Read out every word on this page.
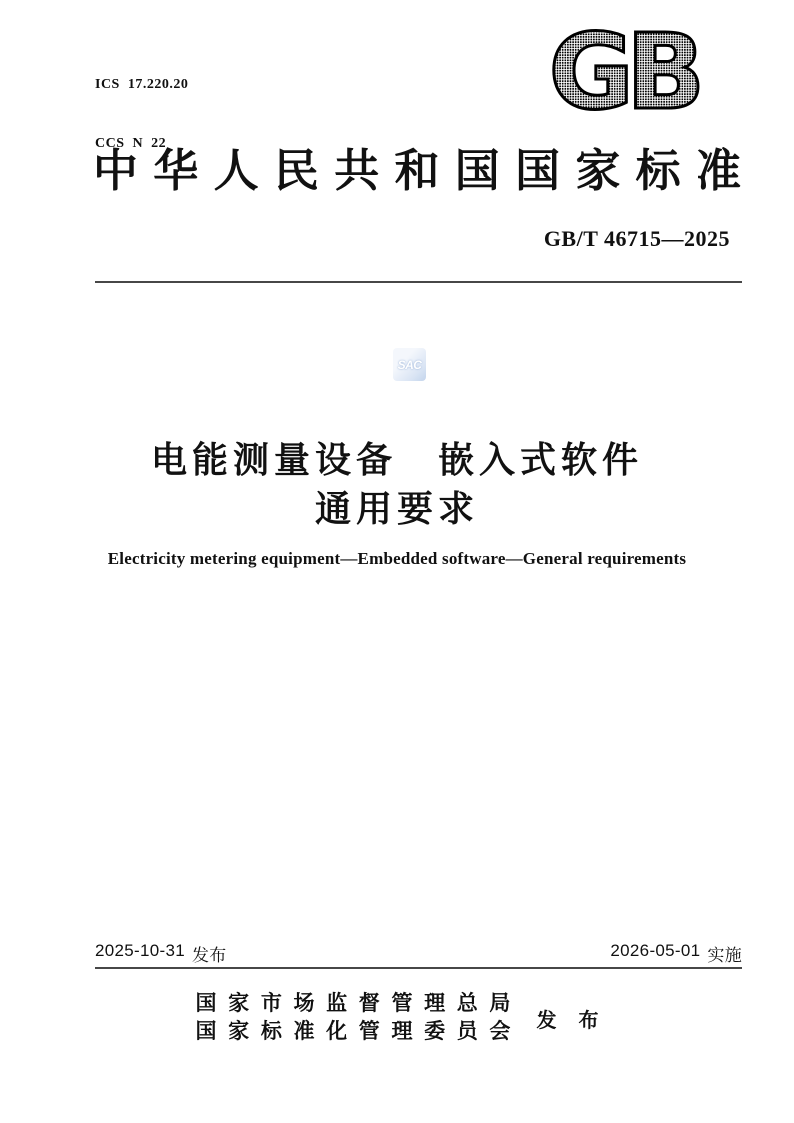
ICS  17.220.20

CCS  N  22

GB
中 华 人 民 共 和 国 国 家 标 准
GB/T 46715—2025
SAC
电能测量设备　嵌入式软件
通用要求
Electricity metering equipment—Embedded software—General requirements
2025-10-31 发布	2026-05-01 实施
国 家 市 场 监 督 管 理 总 局
国 家 标 准 化 管 理 委 员 会 发 布
